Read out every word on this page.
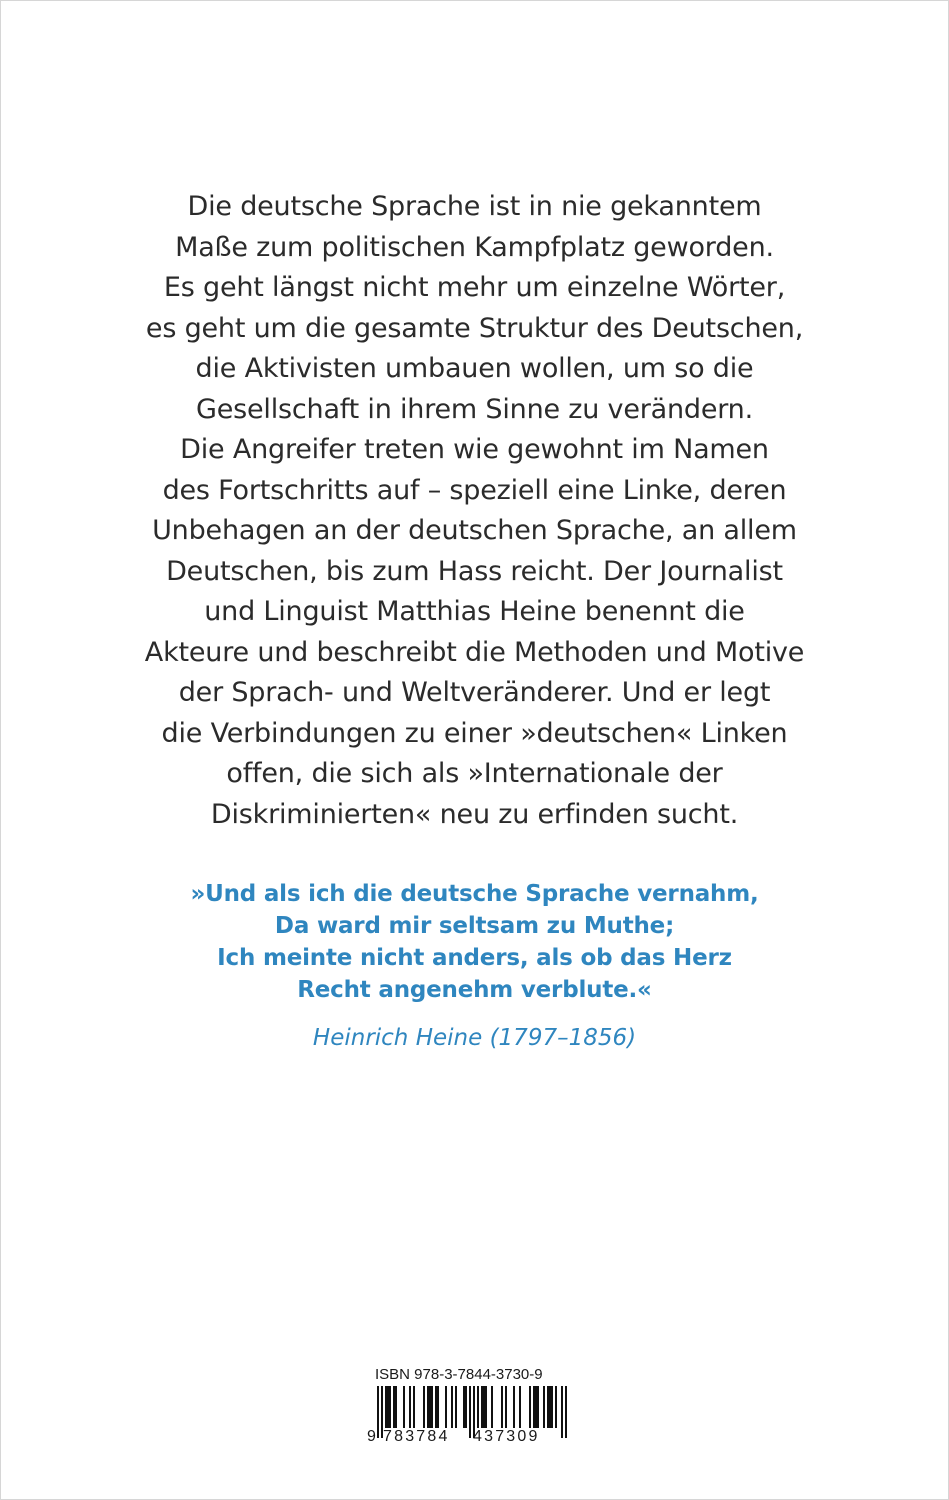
Die deutsche Sprache ist in nie gekanntem
Maße zum politischen Kampfplatz geworden.
Es geht längst nicht mehr um einzelne Wörter,
es geht um die gesamte Struktur des Deutschen,
die Aktivisten umbauen wollen, um so die
Gesellschaft in ihrem Sinne zu verändern.
Die Angreifer treten wie gewohnt im Namen
des Fortschritts auf – speziell eine Linke, deren
Unbehagen an der deutschen Sprache, an allem
Deutschen, bis zum Hass reicht. Der Journalist
und Linguist Matthias Heine benennt die
Akteure und beschreibt die Methoden und Motive
der Sprach- und Weltveränderer. Und er legt
die Verbindungen zu einer »deutschen« Linken
offen, die sich als »Internationale der
Diskriminierten« neu zu erfinden sucht.
»Und als ich die deutsche Sprache vernahm,
Da ward mir seltsam zu Muthe;
Ich meinte nicht anders, als ob das Herz
Recht angenehm verblute.«
Heinrich Heine (1797–1856)
ISBN 978-3-7844-3730-9
9 783784 437309
